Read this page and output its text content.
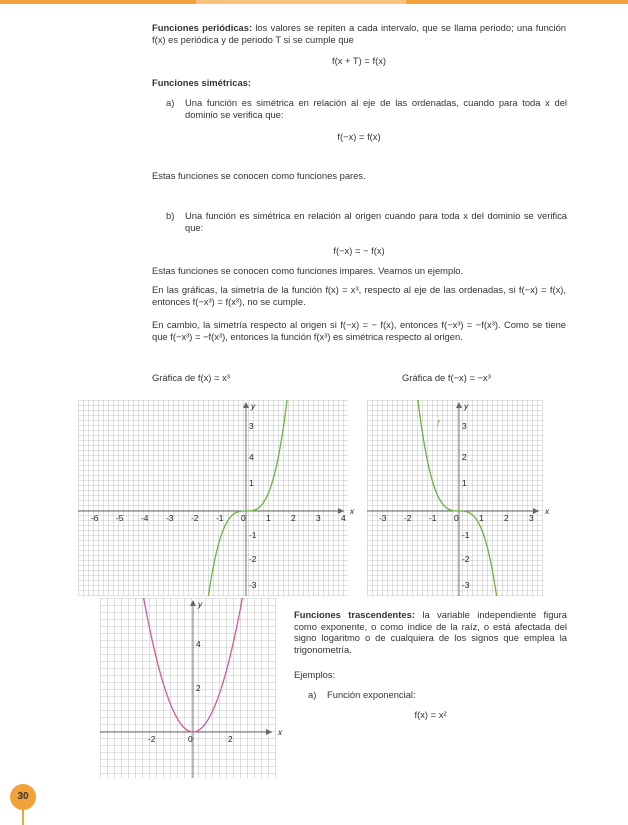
Funciones periódicas: los valores se repiten a cada intervalo, que se llama periodo; una función f(x) es periódica y de periodo T si se cumple que
f(x + T) = f(x)
Funciones simétricas:
a)	Una función es simétrica en relación al eje de las ordenadas, cuando para toda x del dominio se verifica que:
f(−x) = f(x)
Estas funciones se conocen como funciones pares.
b)	Una función es simétrica en relación al origen cuando para toda x del dominio se verifica que:
f(−x) = − f(x)
Estas funciones se conocen como funciones impares. Veamos un ejemplo.
En las gráficas, la simetría de la función f(x) = x³, respecto al eje de las ordenadas, si f(−x) = f(x), entonces f(−x³) = f(x³), no se cumple.
En cambio, la simetría respecto al origen si f(−x) = − f(x), entonces f(−x³) = −f(x³). Como se tiene que f(−x³) = −f(x³), entonces la función f(x³) es simétrica respecto al origen.
Gráfica de f(x) = x³	Gráfica de f(−x) = −x³
x
y
-6 -5 -4 -3 -2 -1 0 1 2 3 4
3
4
1
-1
-2
-3
x
y
-3 -2 -1 0 1 2 3
3
2
1
-1
-2
-3
f
x
y
-2	0	2
4
2
Funciones trascendentes: la variable independiente figura como exponente, o como índice de la raíz, o está afectada del signo logaritmo o de cualquiera de los signos que emplea la trigonometría.
Ejemplos:
a)	Función exponencial:
f(x) = x²
30
